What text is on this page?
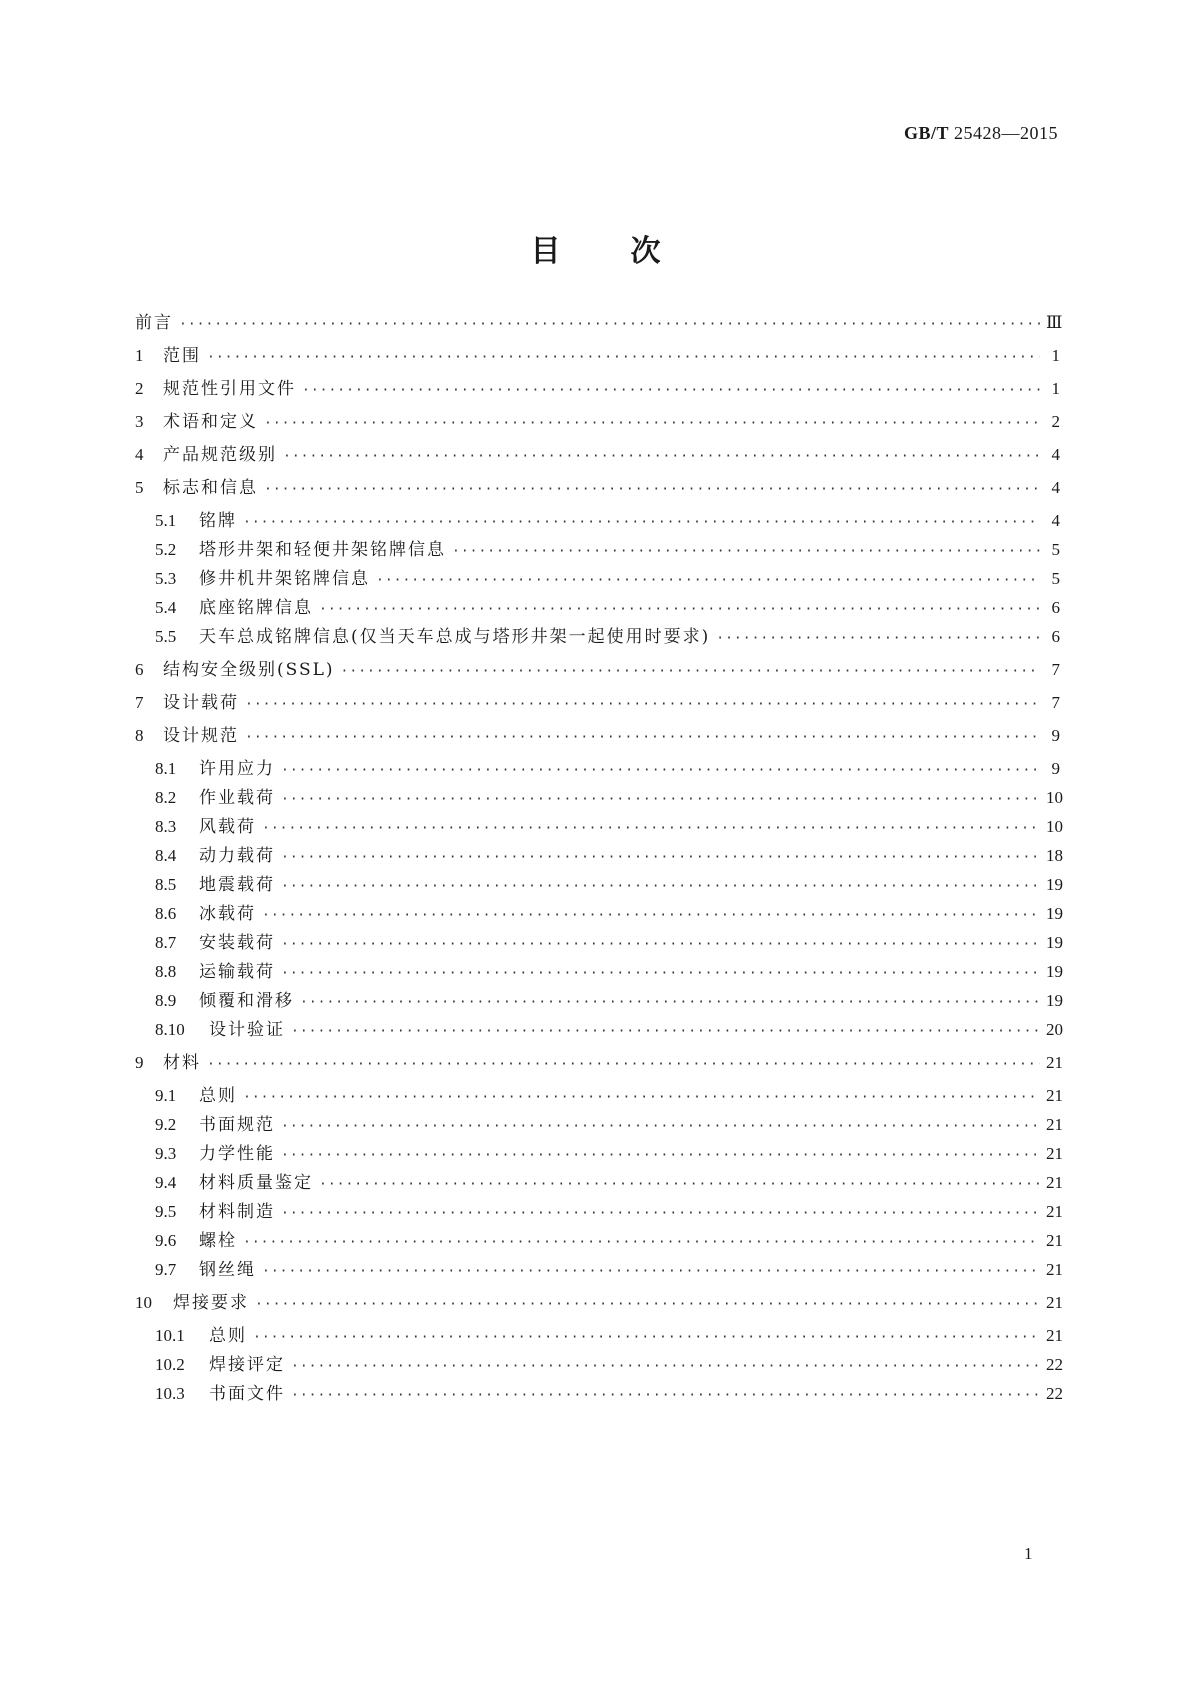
GB/T 25428—2015
目 次
前言 ·····	Ⅲ
1	范围 ·····	1
2	规范性引用文件 ·····	1
3	术语和定义 ·····	2
4	产品规范级别 ·····	4
5	标志和信息 ·····	4
5.1	铭牌 ·····	4
5.2	塔形井架和轻便井架铭牌信息 ·····	5
5.3	修井机井架铭牌信息 ·····	5
5.4	底座铭牌信息 ·····	6
5.5	天车总成铭牌信息(仅当天车总成与塔形井架一起使用时要求) ·····	6
6	结构安全级别(SSL) ·····	7
7	设计载荷 ·····	7
8	设计规范 ·····	9
8.1	许用应力 ·····	9
8.2	作业载荷 ·····	10
8.3	风载荷 ·····	10
8.4	动力载荷 ·····	18
8.5	地震载荷 ·····	19
8.6	冰载荷 ·····	19
8.7	安装载荷 ·····	19
8.8	运输载荷 ·····	19
8.9	倾覆和滑移 ·····	19
8.10	设计验证 ·····	20
9	材料 ·····	21
9.1	总则 ·····	21
9.2	书面规范 ·····	21
9.3	力学性能 ·····	21
9.4	材料质量鉴定 ·····	21
9.5	材料制造 ·····	21
9.6	螺栓 ·····	21
9.7	钢丝绳 ·····	21
10	焊接要求 ·····	21
10.1	总则 ·····	21
10.2	焊接评定 ·····	22
10.3	书面文件 ·····	22
1
